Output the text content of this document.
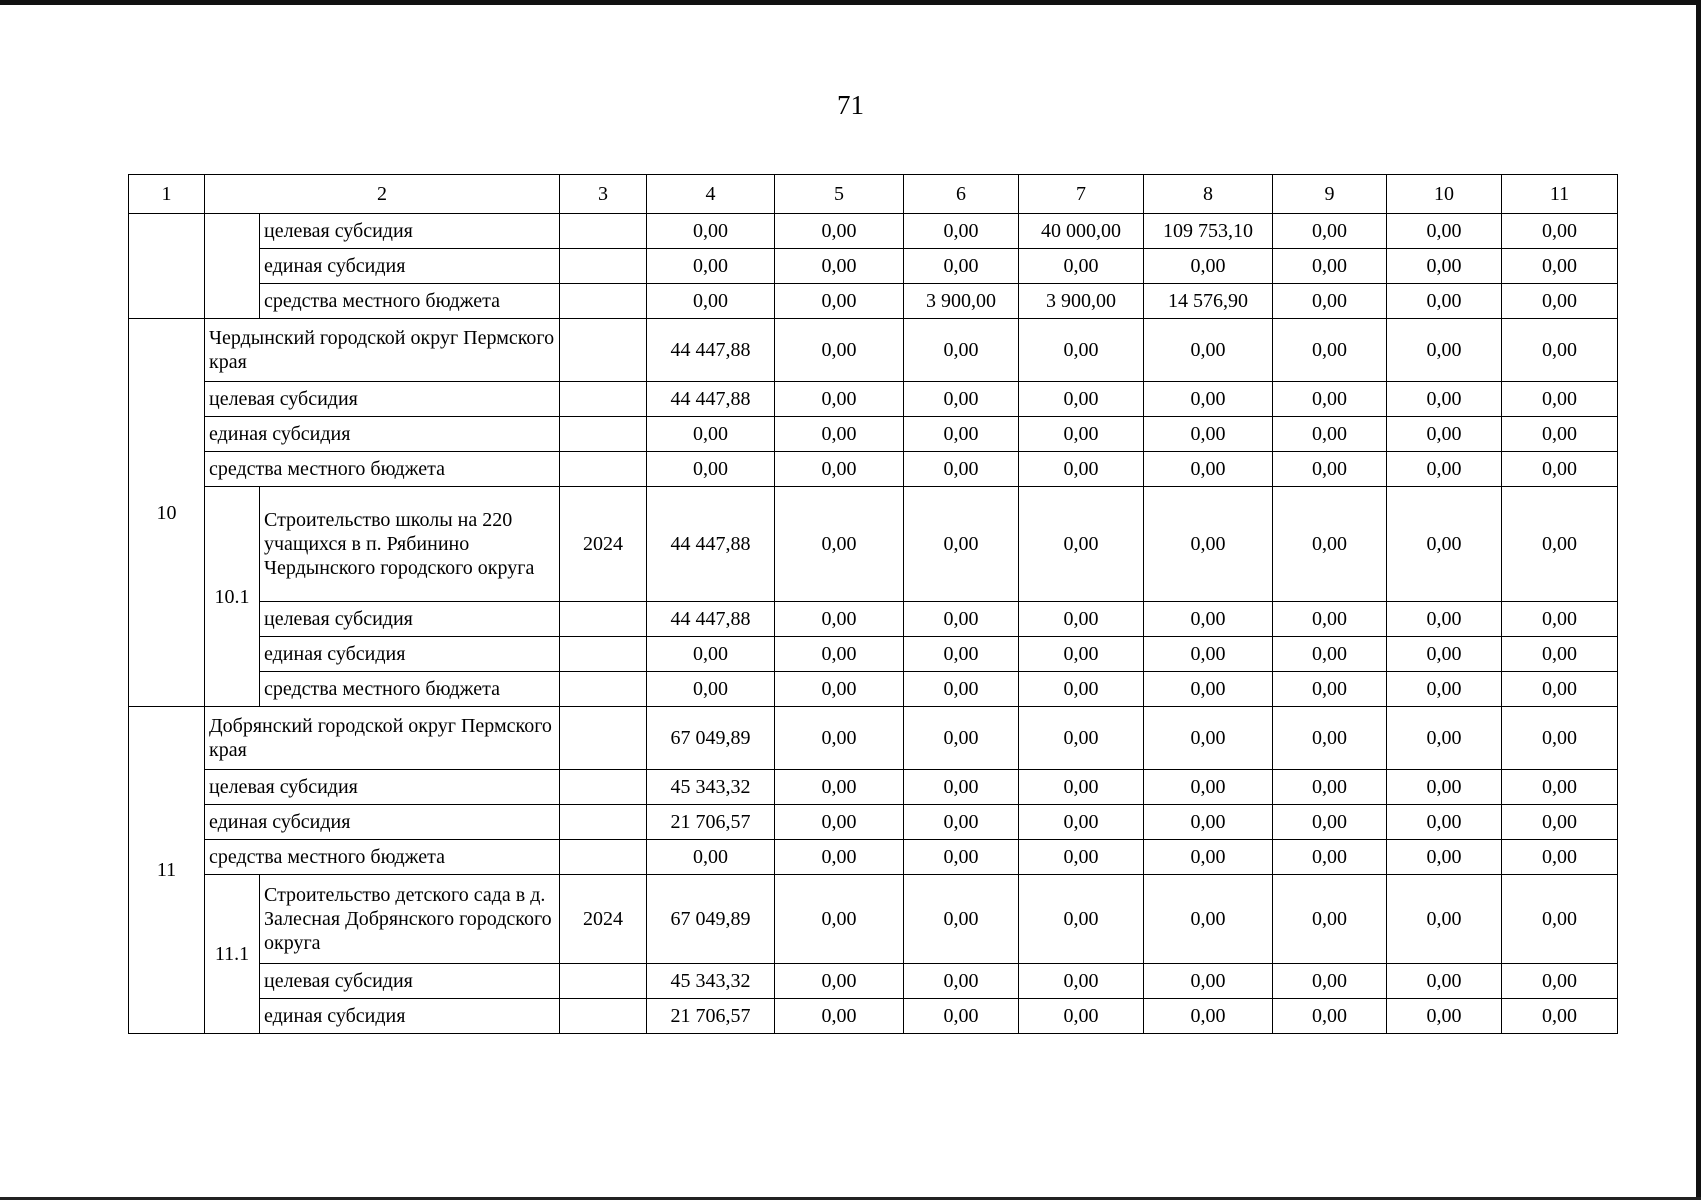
71
1	2		3	4	5	6	7	8	9	10	11
		целевая субсидия		0,00	0,00	0,00	40 000,00	109 753,10	0,00	0,00	0,00
		единая субсидия		0,00	0,00	0,00	0,00	0,00	0,00	0,00	0,00
		средства местного бюджета		0,00	0,00	3 900,00	3 900,00	14 576,90	0,00	0,00	0,00
10	Чердынский городской округ Пермского края			44 447,88	0,00	0,00	0,00	0,00	0,00	0,00	0,00
	целевая субсидия			44 447,88	0,00	0,00	0,00	0,00	0,00	0,00	0,00
	единая субсидия			0,00	0,00	0,00	0,00	0,00	0,00	0,00	0,00
	средства местного бюджета			0,00	0,00	0,00	0,00	0,00	0,00	0,00	0,00
	10.1	Строительство школы на 220 учащихся в п. Рябинино Чердынского городского округа	2024	44 447,88	0,00	0,00	0,00	0,00	0,00	0,00	0,00
		целевая субсидия		44 447,88	0,00	0,00	0,00	0,00	0,00	0,00	0,00
		единая субсидия		0,00	0,00	0,00	0,00	0,00	0,00	0,00	0,00
		средства местного бюджета		0,00	0,00	0,00	0,00	0,00	0,00	0,00	0,00
11	Добрянский городской округ Пермского края			67 049,89	0,00	0,00	0,00	0,00	0,00	0,00	0,00
	целевая субсидия			45 343,32	0,00	0,00	0,00	0,00	0,00	0,00	0,00
	единая субсидия			21 706,57	0,00	0,00	0,00	0,00	0,00	0,00	0,00
	средства местного бюджета			0,00	0,00	0,00	0,00	0,00	0,00	0,00	0,00
	11.1	Строительство детского сада в д. Залесная Добрянского городского округа	2024	67 049,89	0,00	0,00	0,00	0,00	0,00	0,00	0,00
		целевая субсидия		45 343,32	0,00	0,00	0,00	0,00	0,00	0,00	0,00
		единая субсидия		21 706,57	0,00	0,00	0,00	0,00	0,00	0,00	0,00
